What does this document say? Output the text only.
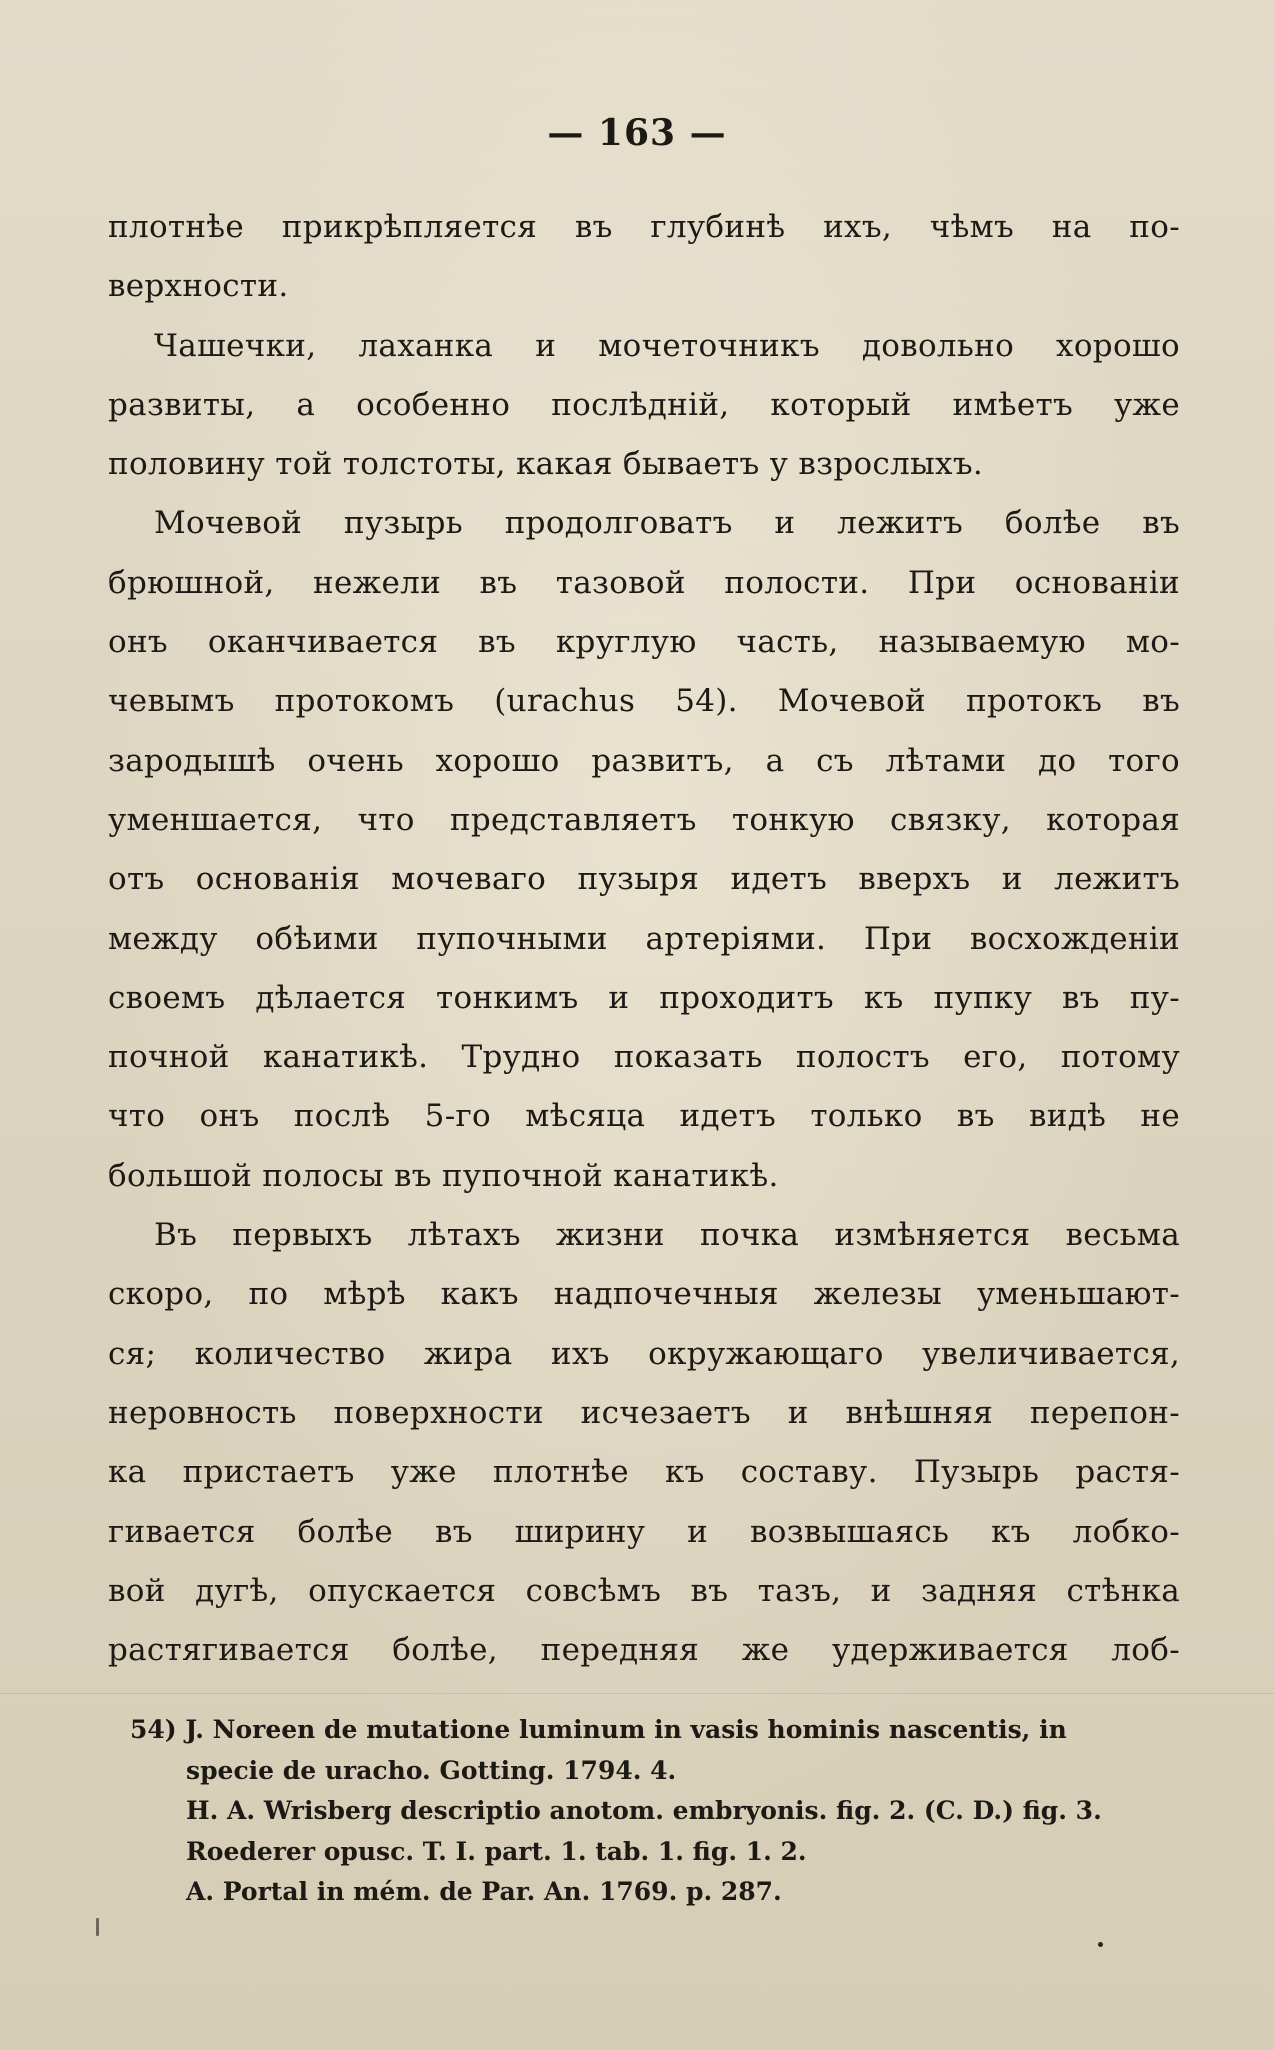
— 163 —
плотнѣе прикрѣпляется въ глубинѣ ихъ, чѣмъ на по-
верхности.
Чашечки, лаханка и мочеточникъ довольно хорошо
развиты, а особенно послѣдній, который имѣетъ уже
половину той толстоты, какая бываетъ у взрослыхъ.
Мочевой пузырь продолговатъ и лежитъ болѣе въ
брюшной, нежели въ тазовой полости. При основаніи
онъ оканчивается въ круглую часть, называемую мо-
чевымъ протокомъ (urachus 54). Мочевой протокъ въ
зародышѣ очень хорошо развитъ, а съ лѣтами до того
уменшается, что представляетъ тонкую связку, которая
отъ основанія мочеваго пузыря идетъ вверхъ и лежитъ
между обѣими пупочными артеріями. При восхожденіи
своемъ дѣлается тонкимъ и проходитъ къ пупку въ пу-
почной канатикѣ. Трудно показать полостъ его, потому
что онъ послѣ 5-го мѣсяца идетъ только въ видѣ не
большой полосы въ пупочной канатикѣ.
Въ первыхъ лѣтахъ жизни почка измѣняется весьма
скоро, по мѣрѣ какъ надпочечныя железы уменьшают-
ся; количество жира ихъ окружающаго увеличивается,
неровность поверхности исчезаетъ и внѣшняя перепон-
ка пристаетъ уже плотнѣе къ составу. Пузырь растя-
гивается болѣе въ ширину и возвышаясь къ лобко-
вой дугѣ, опускается совсѣмъ въ тазъ, и задняя стѣнка
растягивается болѣе, передняя же удерживается лоб-
54) J. Noreen de mutatione luminum in vasis hominis nascentis, in
specie de uracho. Gotting. 1794. 4.
H. A. Wrisberg descriptio anotom. embryonis. fig. 2. (C. D.) fig. 3.
Roederer opusc. T. I. part. 1. tab. 1. fig. 1. 2.
A. Portal in mém. de Par. An. 1769. p. 287.
